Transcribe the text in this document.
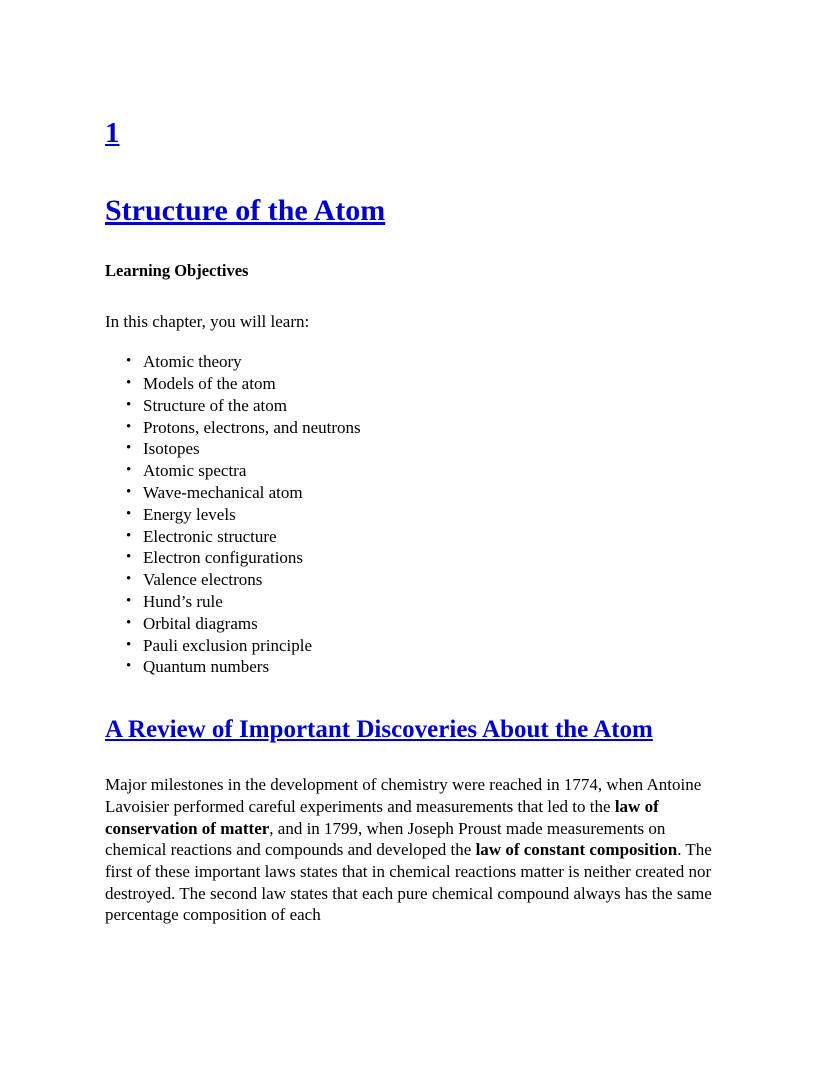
1
Structure of the Atom
Learning Objectives

In this chapter, you will learn:

• Atomic theory
• Models of the atom
• Structure of the atom
• Protons, electrons, and neutrons
• Isotopes
• Atomic spectra
• Wave-mechanical atom
• Energy levels
• Electronic structure
• Electron configurations
• Valence electrons
• Hund’s rule
• Orbital diagrams
• Pauli exclusion principle
• Quantum numbers
A Review of Important Discoveries About the Atom

Major milestones in the development of chemistry were reached in 1774, when Antoine Lavoisier performed careful experiments and measurements that led to the law of conservation of matter, and in 1799, when Joseph Proust made measurements on chemical reactions and compounds and developed the law of constant composition. The first of these important laws states that in chemical reactions matter is neither created nor destroyed. The second law states that each pure chemical compound always has the same percentage composition of each
